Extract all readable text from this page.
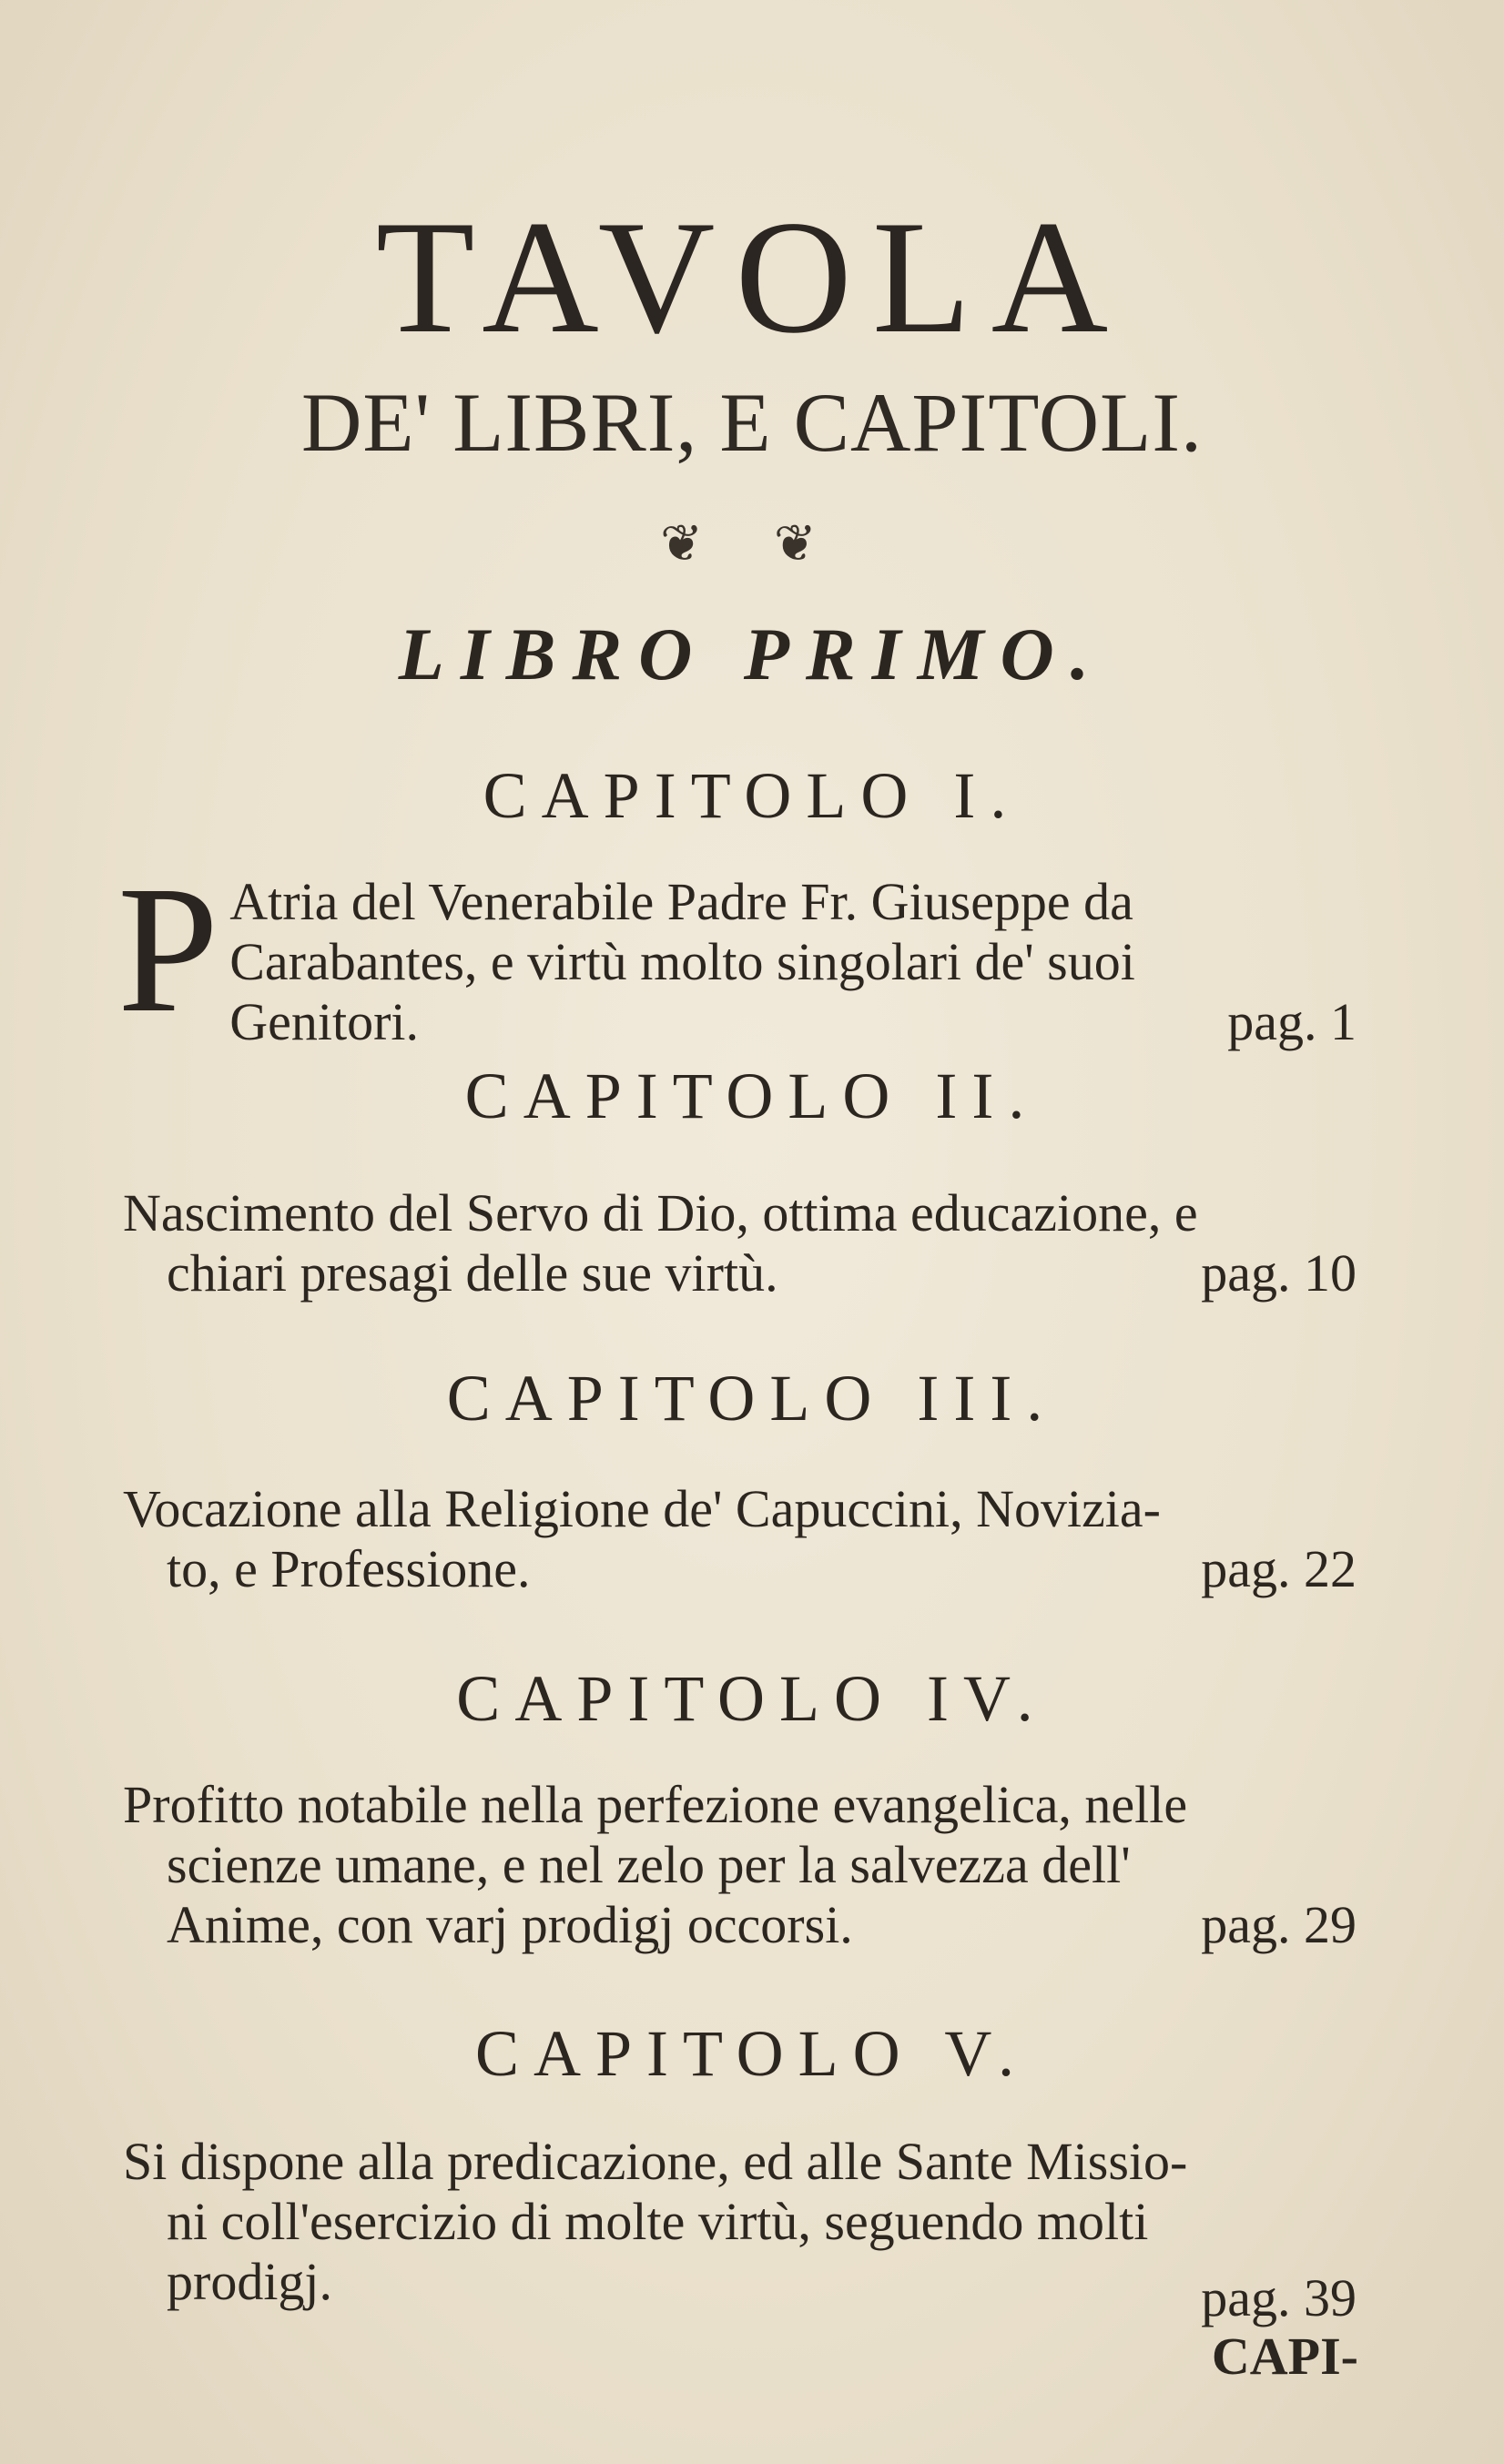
TAVOLA
DE' LIBRI, E CAPITOLI.
❦ ❦
LIBRO PRIMO.
CAPITOLO I.
P Atria del Venerabile Padre Fr. Giuseppe da
Carabantes, e virtù molto singolari de' suoi
Genitori.	pag. 1
CAPITOLO II.
Nascimento del Servo di Dio, ottima educazione, e
chiari presagi delle sue virtù.	pag. 10
CAPITOLO III.
Vocazione alla Religione de' Capuccini, Novizia-
to, e Professione.	pag. 22
CAPITOLO IV.
Profitto notabile nella perfezione evangelica, nelle
scienze umane, e nel zelo per la salvezza dell'
Anime, con varj prodigj occorsi.	pag. 29
CAPITOLO V.
Si dispone alla predicazione, ed alle Sante Missio-
ni coll'esercizio di molte virtù, seguendo molti
prodigj.	pag. 39
CAPI-
